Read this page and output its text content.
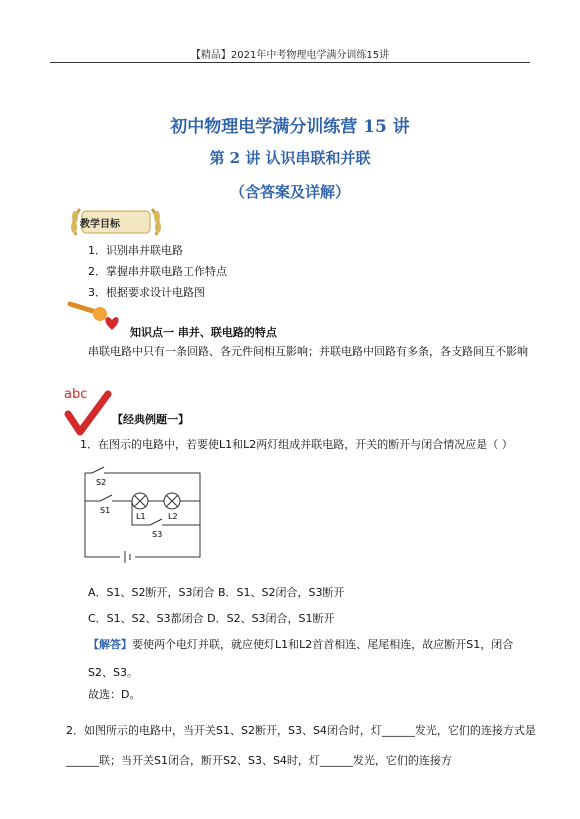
【精品】2021年中考物理电学满分训练15讲
初中物理电学满分训练营 15 讲
第 2 讲 认识串联和并联
（含答案及详解）
教学目标
1．识别串并联电路
2．掌握串并联电路工作特点
3．根据要求设计电路图
知识点一 串并、联电路的特点
串联电路中只有一条回路、各元件间相互影响；并联电路中回路有多条，各支路间互不影响
abc
【经典例题一】
1．在图示的电路中，若要使L1和L2两灯组成并联电路，开关的断开与闭合情况应是（ ）
S2
S1
L1	L2
S3
A．S1、S2断开，S3闭合 B．S1、S2闭合，S3断开
C．S1、S2、S3都闭合 D．S2、S3闭合，S1断开
【解答】要使两个电灯并联，就应使灯L1和L2首首相连、尾尾相连，故应断开S1，闭合S2、S3。
故选：D。
2．如图所示的电路中，当开关S1、S2断开，S3、S4闭合时，灯______发光，它们的连接方式是______联；当开关S1闭合，断开S2、S3、S4时，灯______发光，它们的连接方
